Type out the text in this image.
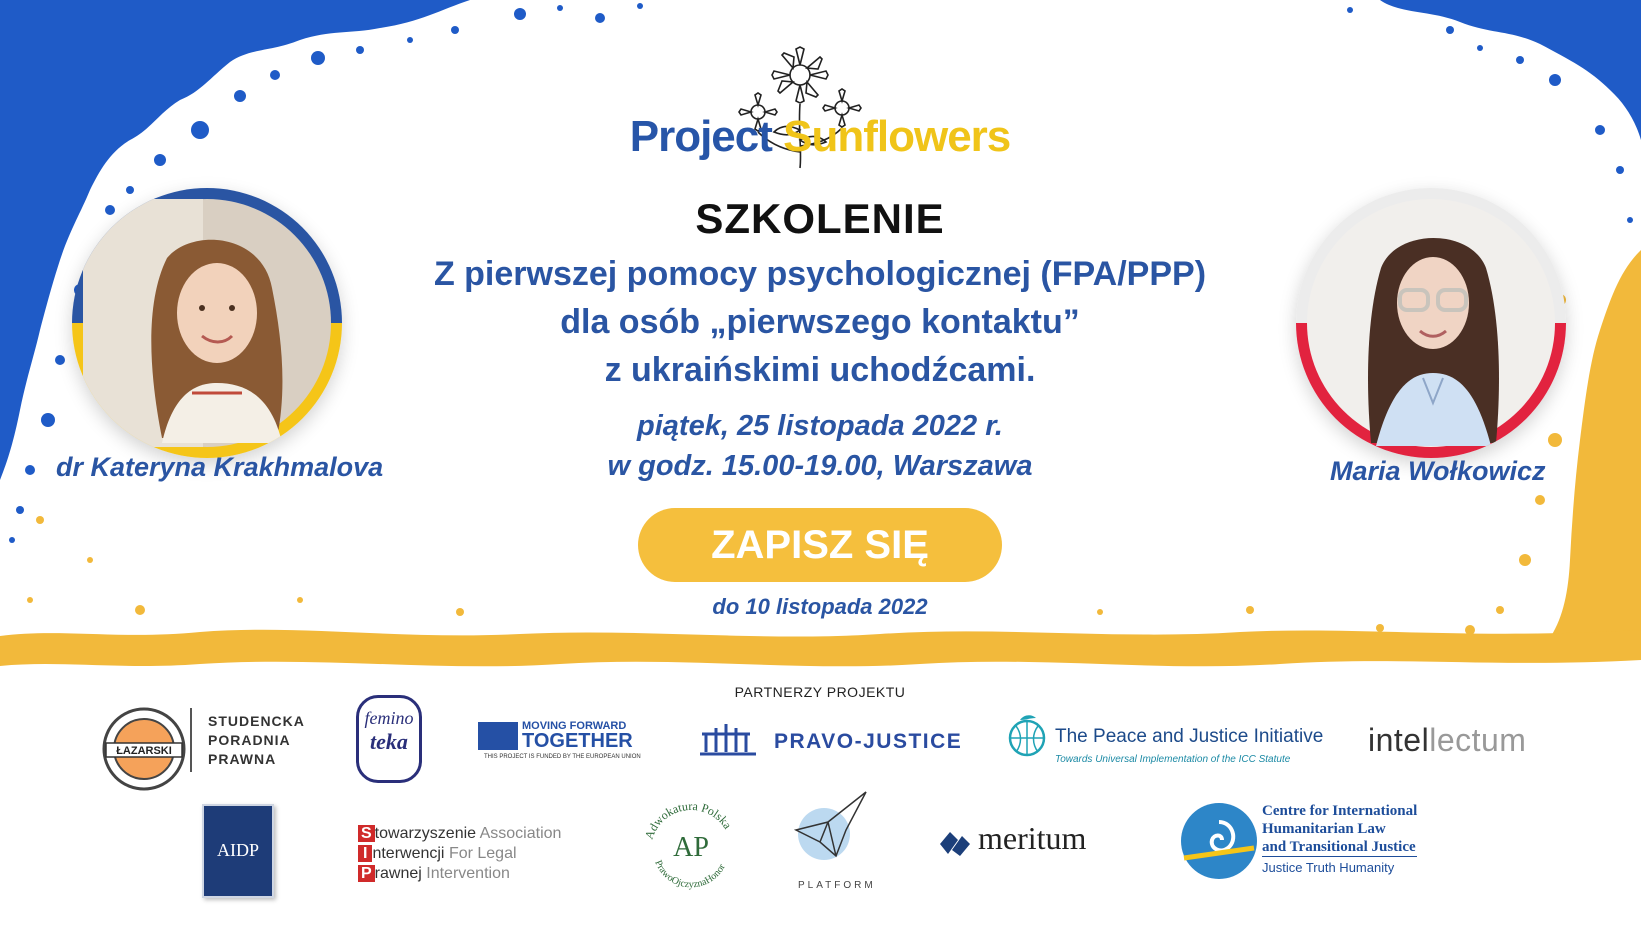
Project Sunflowers
SZKOLENIE
Z pierwszej pomocy psychologicznej (FPA/PPP)
dla osób „pierwszego kontaktu”
z ukraińskimi uchodźcami.
piątek, 25 listopada 2022 r.
w godz. 15.00-19.00, Warszawa
ZAPISZ SIĘ
do 10 listopada 2022
dr Kateryna Krakhmalova	Maria Wołkowicz
PARTNERZY PROJEKTU
ŁAZARSKI
STUDENCKA
PORADNIA
PRAWNA
femino
teka
MOVING FORWARD
TOGETHER
THIS PROJECT IS FUNDED BY THE EUROPEAN UNION
PRAVO-JUSTICE	The Peace and Justice Initiative
Towards Universal Implementation of the ICC Statute
intellectum
AIDP
S towarzyszenie Association
I nterwencji For Legal
P rawnej Intervention
Adwokatura Polska
PrawoOjczyznaHonor
AP
PLATFORM
meritum
Centre for International
Humanitarian Law
and Transitional Justice
Justice Truth Humanity
